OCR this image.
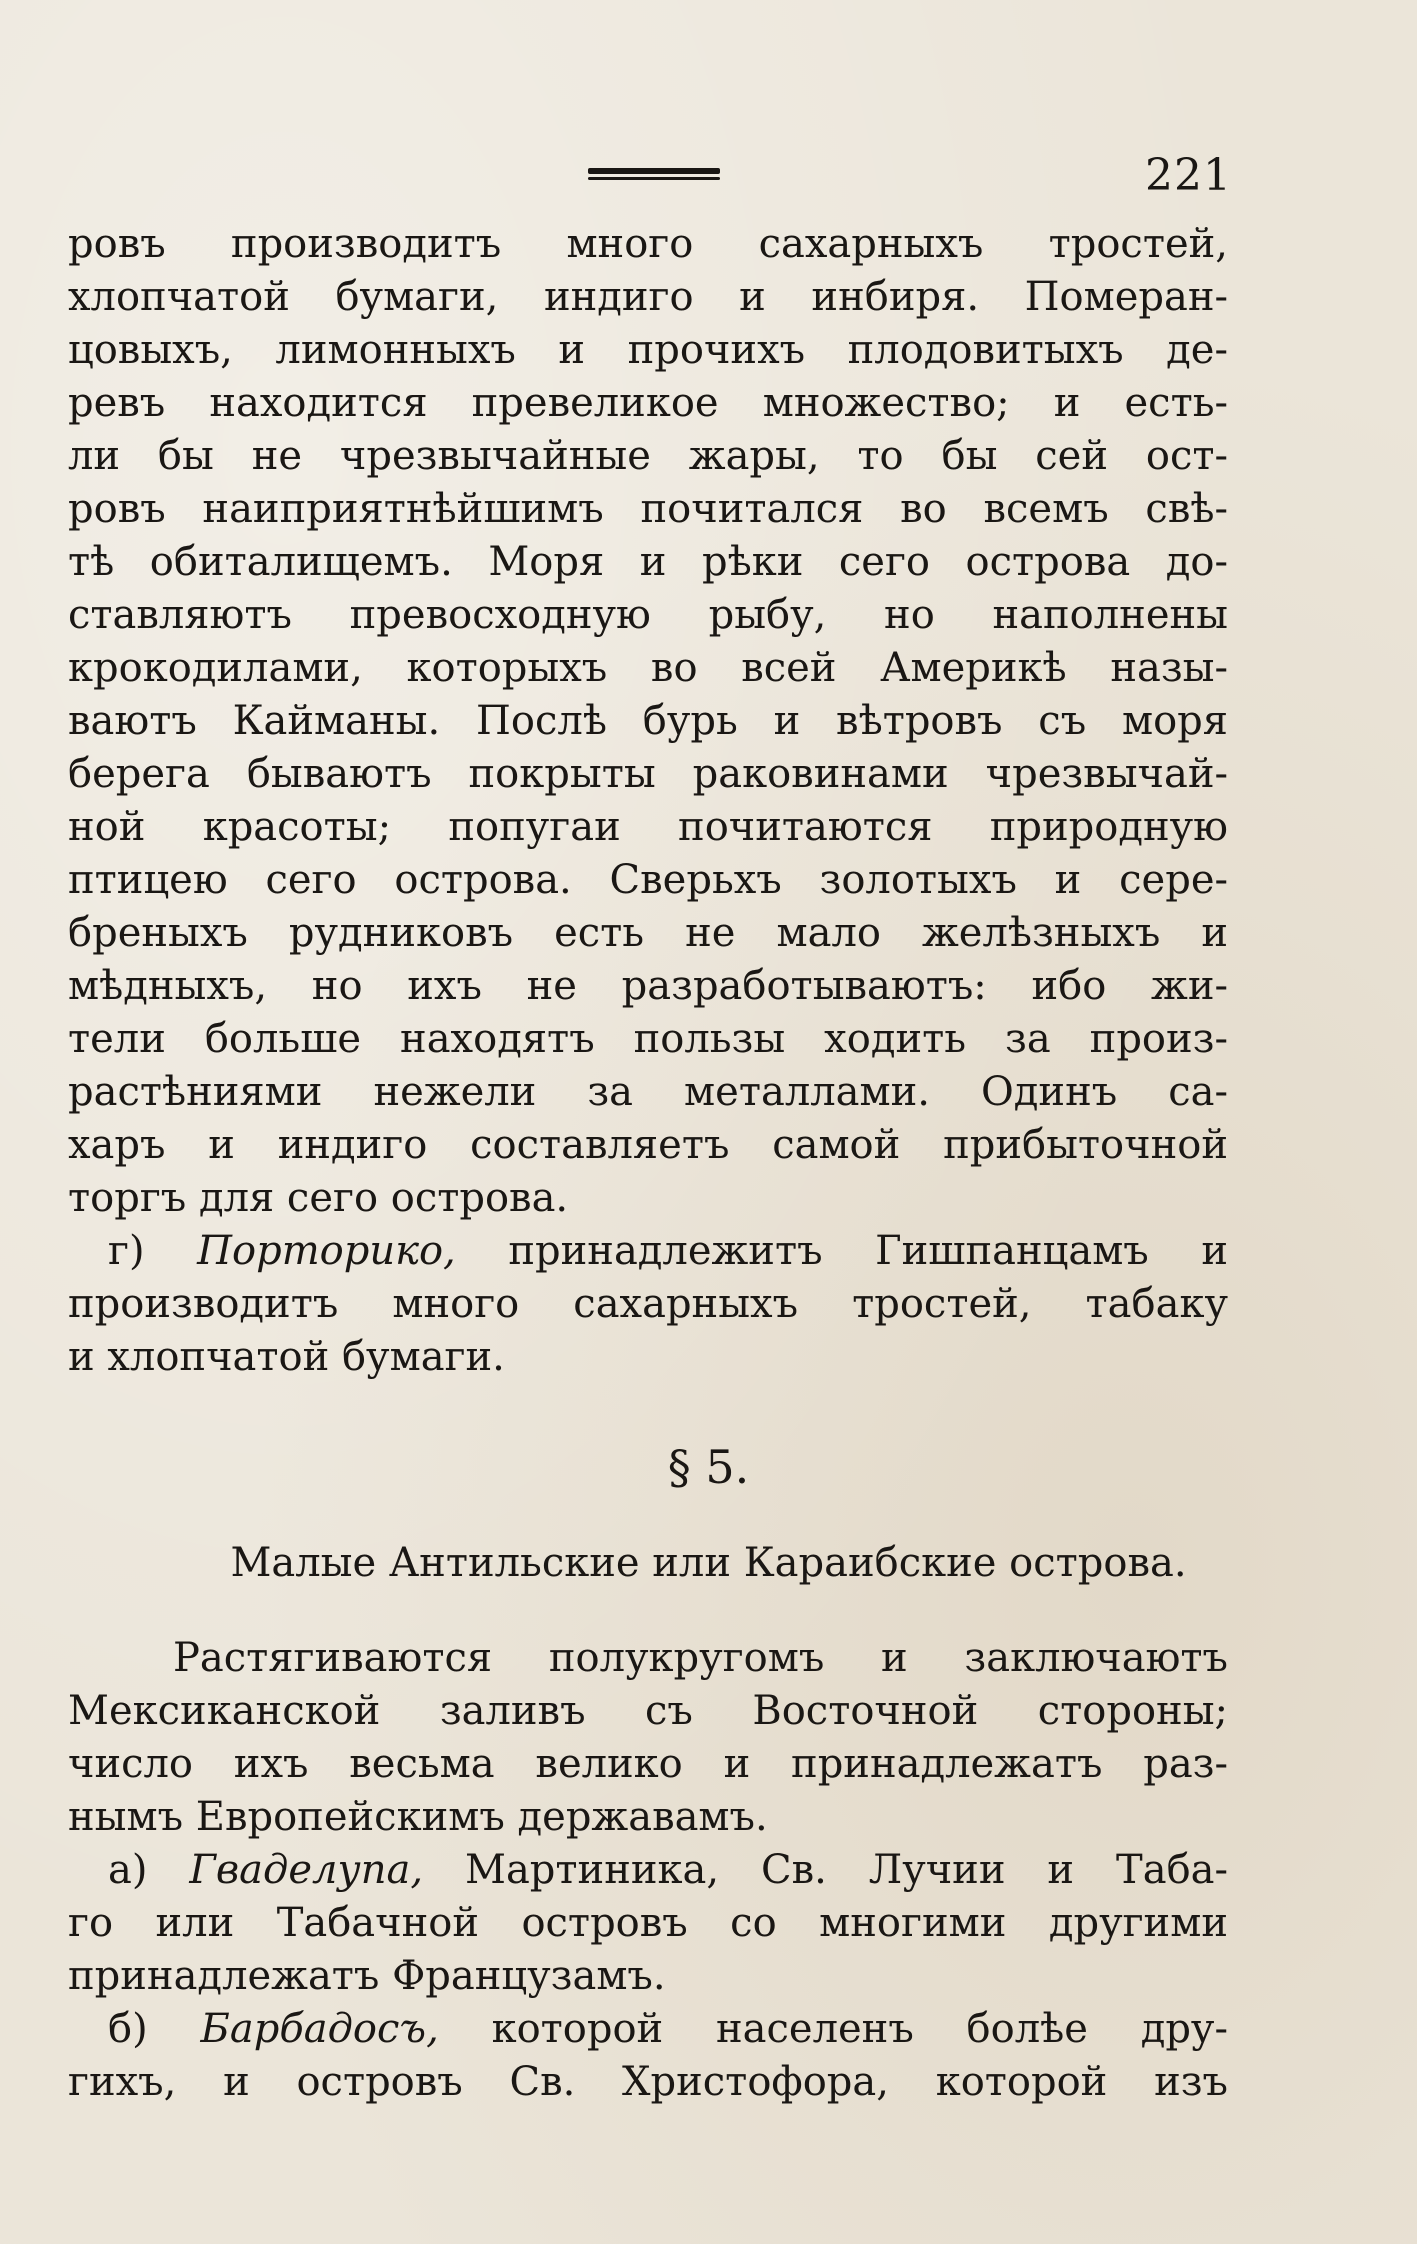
221
ровъ производитъ много сахарныхъ тростей,
хлопчатой бумаги, индиго и инбиря. Померан-
цовыхъ, лимонныхъ и прочихъ плодовитыхъ де-
ревъ находится превеликое множество; и есть-
ли бы не чрезвычайные жары, то бы сей ост-
ровъ наиприятнѣйшимъ почитался во всемъ свѣ-
тѣ обиталищемъ. Моря и рѣки сего острова до-
ставляютъ превосходную рыбу, но наполнены
крокодилами, которыхъ во всей Америкѣ назы-
ваютъ Кайманы. Послѣ бурь и вѣтровъ съ моря
берега бываютъ покрыты раковинами чрезвычай-
ной красоты; попугаи почитаются природную
птицею сего острова. Сверьхъ золотыхъ и сере-
бреныхъ рудниковъ есть не мало желѣзныхъ и
мѣдныхъ, но ихъ не разработываютъ: ибо жи-
тели больше находятъ пользы ходить за произ-
растѣниями нежели за металлами. Одинъ са-
харъ и индиго составляетъ самой прибыточной
торгъ для сего острова.
г) Порторико, принадлежитъ Гишпанцамъ и
производитъ много сахарныхъ тростей, табаку
и хлопчатой бумаги.
§ 5.
Малые Антильские или Караибские острова.
Растягиваются полукругомъ и заключаютъ
Мексиканской заливъ съ Восточной стороны;
число ихъ весьма велико и принадлежатъ раз-
нымъ Европейскимъ державамъ.
а) Гваделупа, Мартиника, Св. Лучии и Таба-
го или Табачной островъ со многими другими
принадлежатъ Французамъ.
б) Барбадосъ, которой населенъ болѣе дру-
гихъ, и островъ Св. Христофора, которой изъ
